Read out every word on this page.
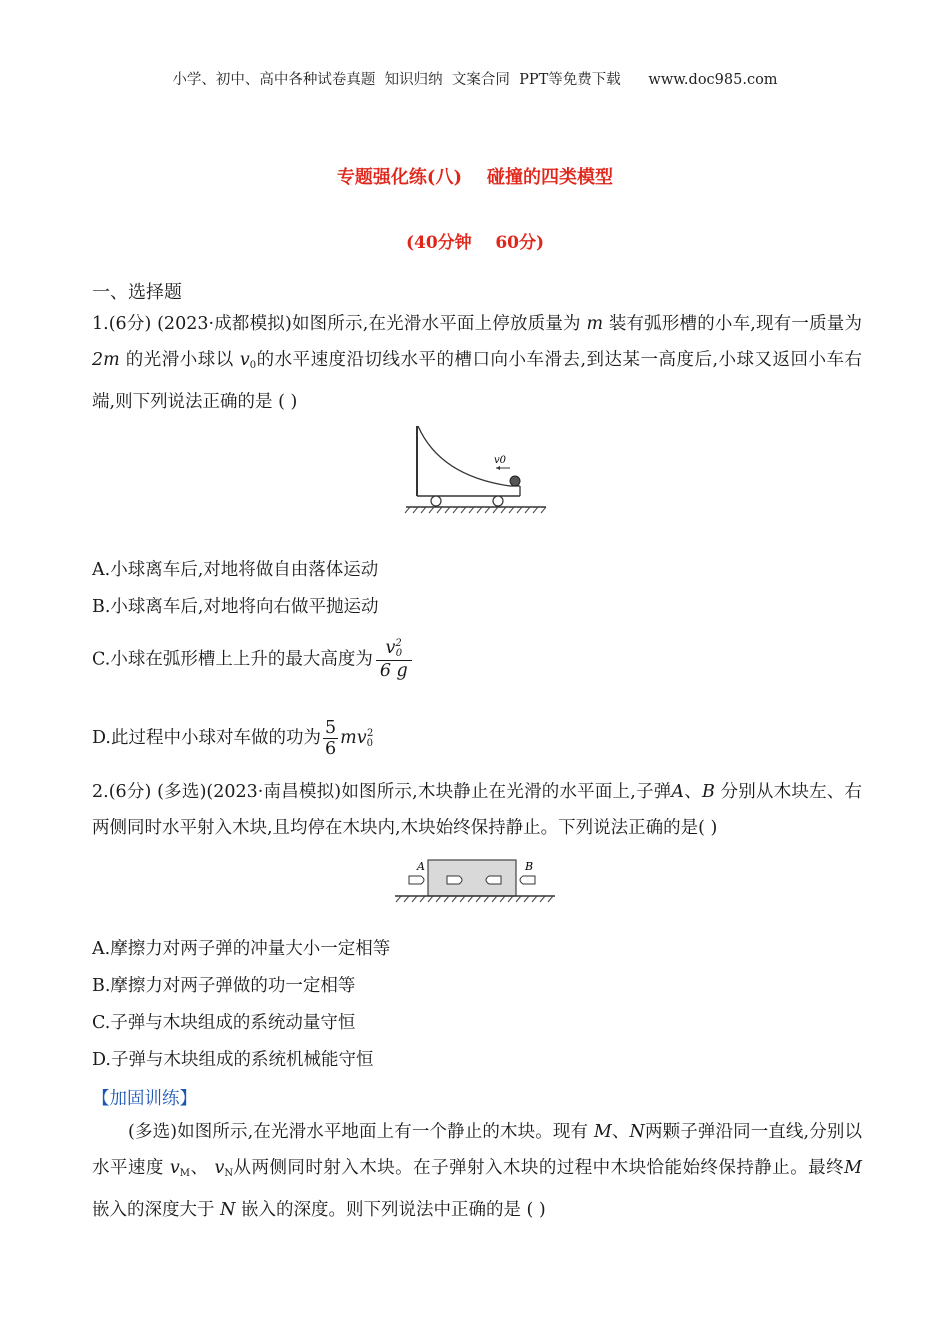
小学、初中、高中各种试卷真题  知识归纳  文案合同  PPT等免费下载      www.doc985.com
专题强化练(八)    碰撞的四类模型
(40分钟    60分)
一、选择题
1.(6分) (2023·成都模拟)如图所示,在光滑水平面上停放质量为 m 装有弧形槽的小车,现有一质量为 2m 的光滑小球以 $v_0$的水平速度沿切线水平的槽口向小车滑去,到达某一高度后,小球又返回小车右端,则下列说法正确的是 ( )
v0
A.小球离车后,对地将做自由落体运动
B.小球离车后,对地将向右做平抛运动
C.小球在弧形槽上上升的最大高度为 $\frac{v^2_0}{6 g}$
D.此过程中小球对车做的功为 $\frac{5}{6} mv_0^2$
2.(6分) (多选)(2023·南昌模拟)如图所示,木块静止在光滑的水平面上,子弹A、B 分别从木块左、右两侧同时水平射入木块,且均停在木块内,木块始终保持静止。下列说法正确的是( )
A	B
A.摩擦力对两子弹的冲量大小一定相等
B.摩擦力对两子弹做的功一定相等
C.子弹与木块组成的系统动量守恒
D.子弹与木块组成的系统机械能守恒
【加固训练】
(多选)如图所示,在光滑水平地面上有一个静止的木块。现有 M、N两颗子弹沿同一直线,分别以水平速度 $v_M$、 $v_N$从两侧同时射入木块。在子弹射入木块的过程中木块恰能始终保持静止。最终M 嵌入的深度大于 N 嵌入的深度。则下列说法中正确的是 ( )
